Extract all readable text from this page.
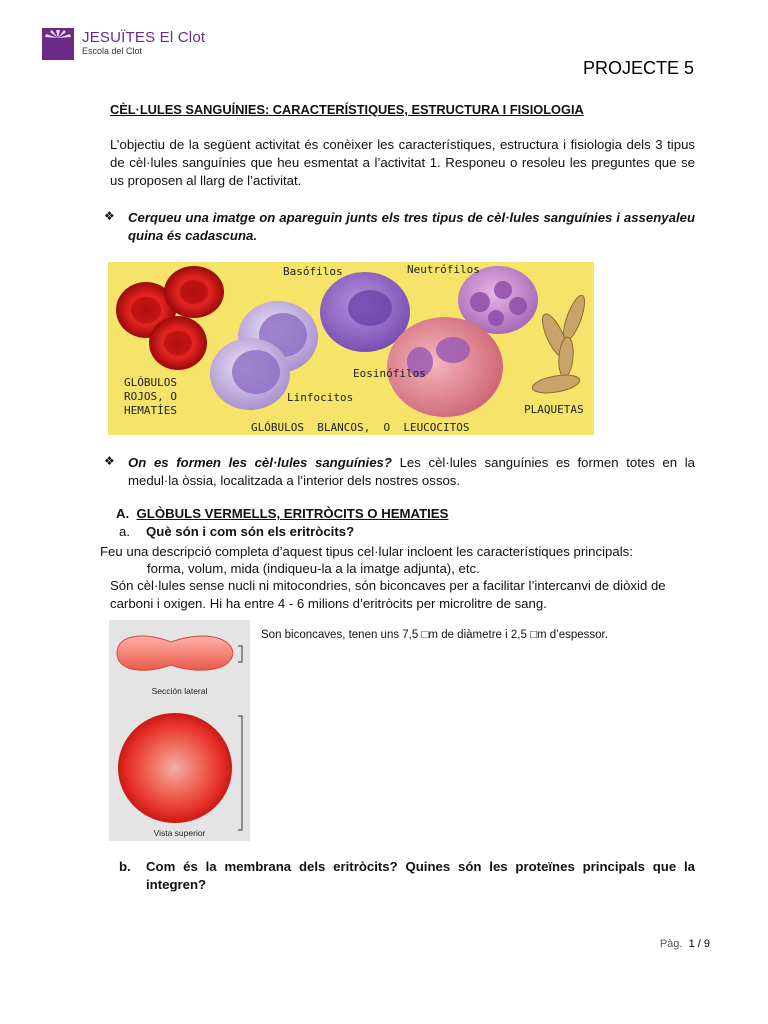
JESUÏTES El Clot
Escola del Clot
PROJECTE 5
CÈL·LULES SANGUÍNIES: CARACTERÍSTIQUES, ESTRUCTURA I FISIOLOGIA
L’objectiu de la següent activitat és conèixer les característiques, estructura i fisiologia dels 3 tipus de cèl·lules sanguínies que heu esmentat a l’activitat 1. Responeu o resoleu les preguntes que se us proposen al llarg de l’activitat.
❖ Cerqueu una imatge on apareguin junts els tres tipus de cèl·lules sanguínies i assenyaleu quina és cadascuna.
Basófilos	Neutrófilos
Eosinófilos
Linfocitos
GLÓBULOS
ROJOS, O
HEMATÍES	PLAQUETAS
GLÓBULOS  BLANCOS,  O  LEUCOCITOS
❖ On es formen les cèl·lules sanguínies? Les cèl·lules sanguínies es formen totes en la medul·la òssia, localitzada a l’interior dels nostres ossos.
A. GLÒBULS VERMELLS, ERITRÒCITS O HEMATIES
a. Què són i com són els eritròcits?
Feu una descripció completa d’aquest tipus cel·lular incloent les característiques principals:
forma, volum, mida (indiqueu-la a la imatge adjunta), etc.
Són cèl·lules sense nucli ni mitocondries, són biconcaves per a facilitar l’intercanvi de diòxid de carboni i oxigen. Hi ha entre 4 - 6 milions d’eritròcits per microlitre de sang.
Sección lateral
Vista superior
Son biconcaves, tenen uns 7,5 □m de diàmetre i 2,5 □m d’espessor.
b. Com és la membrana dels eritròcits? Quines són les proteïnes principals que la integren?
Pàg. 1 / 9
